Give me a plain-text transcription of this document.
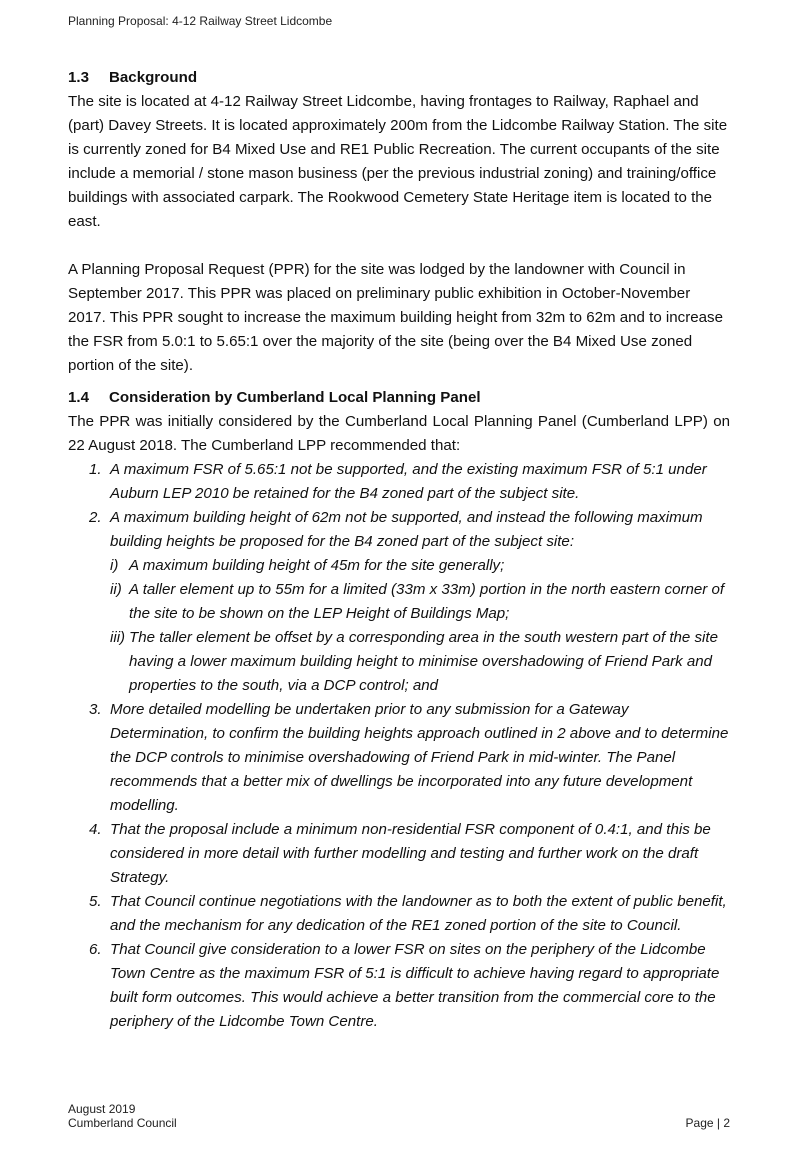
Planning Proposal: 4-12 Railway Street Lidcombe
1.3 Background

The site is located at 4-12 Railway Street Lidcombe, having frontages to Railway, Raphael and (part) Davey Streets. It is located approximately 200m from the Lidcombe Railway Station. The site is currently zoned for B4 Mixed Use and RE1 Public Recreation. The current occupants of the site include a memorial / stone mason business (per the previous industrial zoning) and training/office buildings with associated carpark. The Rookwood Cemetery State Heritage item is located to the east.

A Planning Proposal Request (PPR) for the site was lodged by the landowner with Council in September 2017. This PPR was placed on preliminary public exhibition in October-November 2017. This PPR sought to increase the maximum building height from 32m to 62m and to increase the FSR from 5.0:1 to 5.65:1 over the majority of the site (being over the B4 Mixed Use zoned portion of the site).

1.4 Consideration by Cumberland Local Planning Panel

The PPR was initially considered by the Cumberland Local Planning Panel (Cumberland LPP) on 22 August 2018. The Cumberland LPP recommended that:

1. A maximum FSR of 5.65:1 not be supported, and the existing maximum FSR of 5:1 under Auburn LEP 2010 be retained for the B4 zoned part of the subject site.
2. A maximum building height of 62m not be supported, and instead the following maximum building heights be proposed for the B4 zoned part of the subject site:
i) A maximum building height of 45m for the site generally;
ii) A taller element up to 55m for a limited (33m x 33m) portion in the north eastern corner of the site to be shown on the LEP Height of Buildings Map;
iii) The taller element be offset by a corresponding area in the south western part of the site having a lower maximum building height to minimise overshadowing of Friend Park and properties to the south, via a DCP control; and
3. More detailed modelling be undertaken prior to any submission for a Gateway Determination, to confirm the building heights approach outlined in 2 above and to determine the DCP controls to minimise overshadowing of Friend Park in mid-winter. The Panel recommends that a better mix of dwellings be incorporated into any future development modelling.
4. That the proposal include a minimum non-residential FSR component of 0.4:1, and this be considered in more detail with further modelling and testing and further work on the draft Strategy.
5. That Council continue negotiations with the landowner as to both the extent of public benefit, and the mechanism for any dedication of the RE1 zoned portion of the site to Council.
6. That Council give consideration to a lower FSR on sites on the periphery of the Lidcombe Town Centre as the maximum FSR of 5:1 is difficult to achieve having regard to appropriate built form outcomes. This would achieve a better transition from the commercial core to the periphery of the Lidcombe Town Centre.
August 2019
Cumberland Council	Page | 2
